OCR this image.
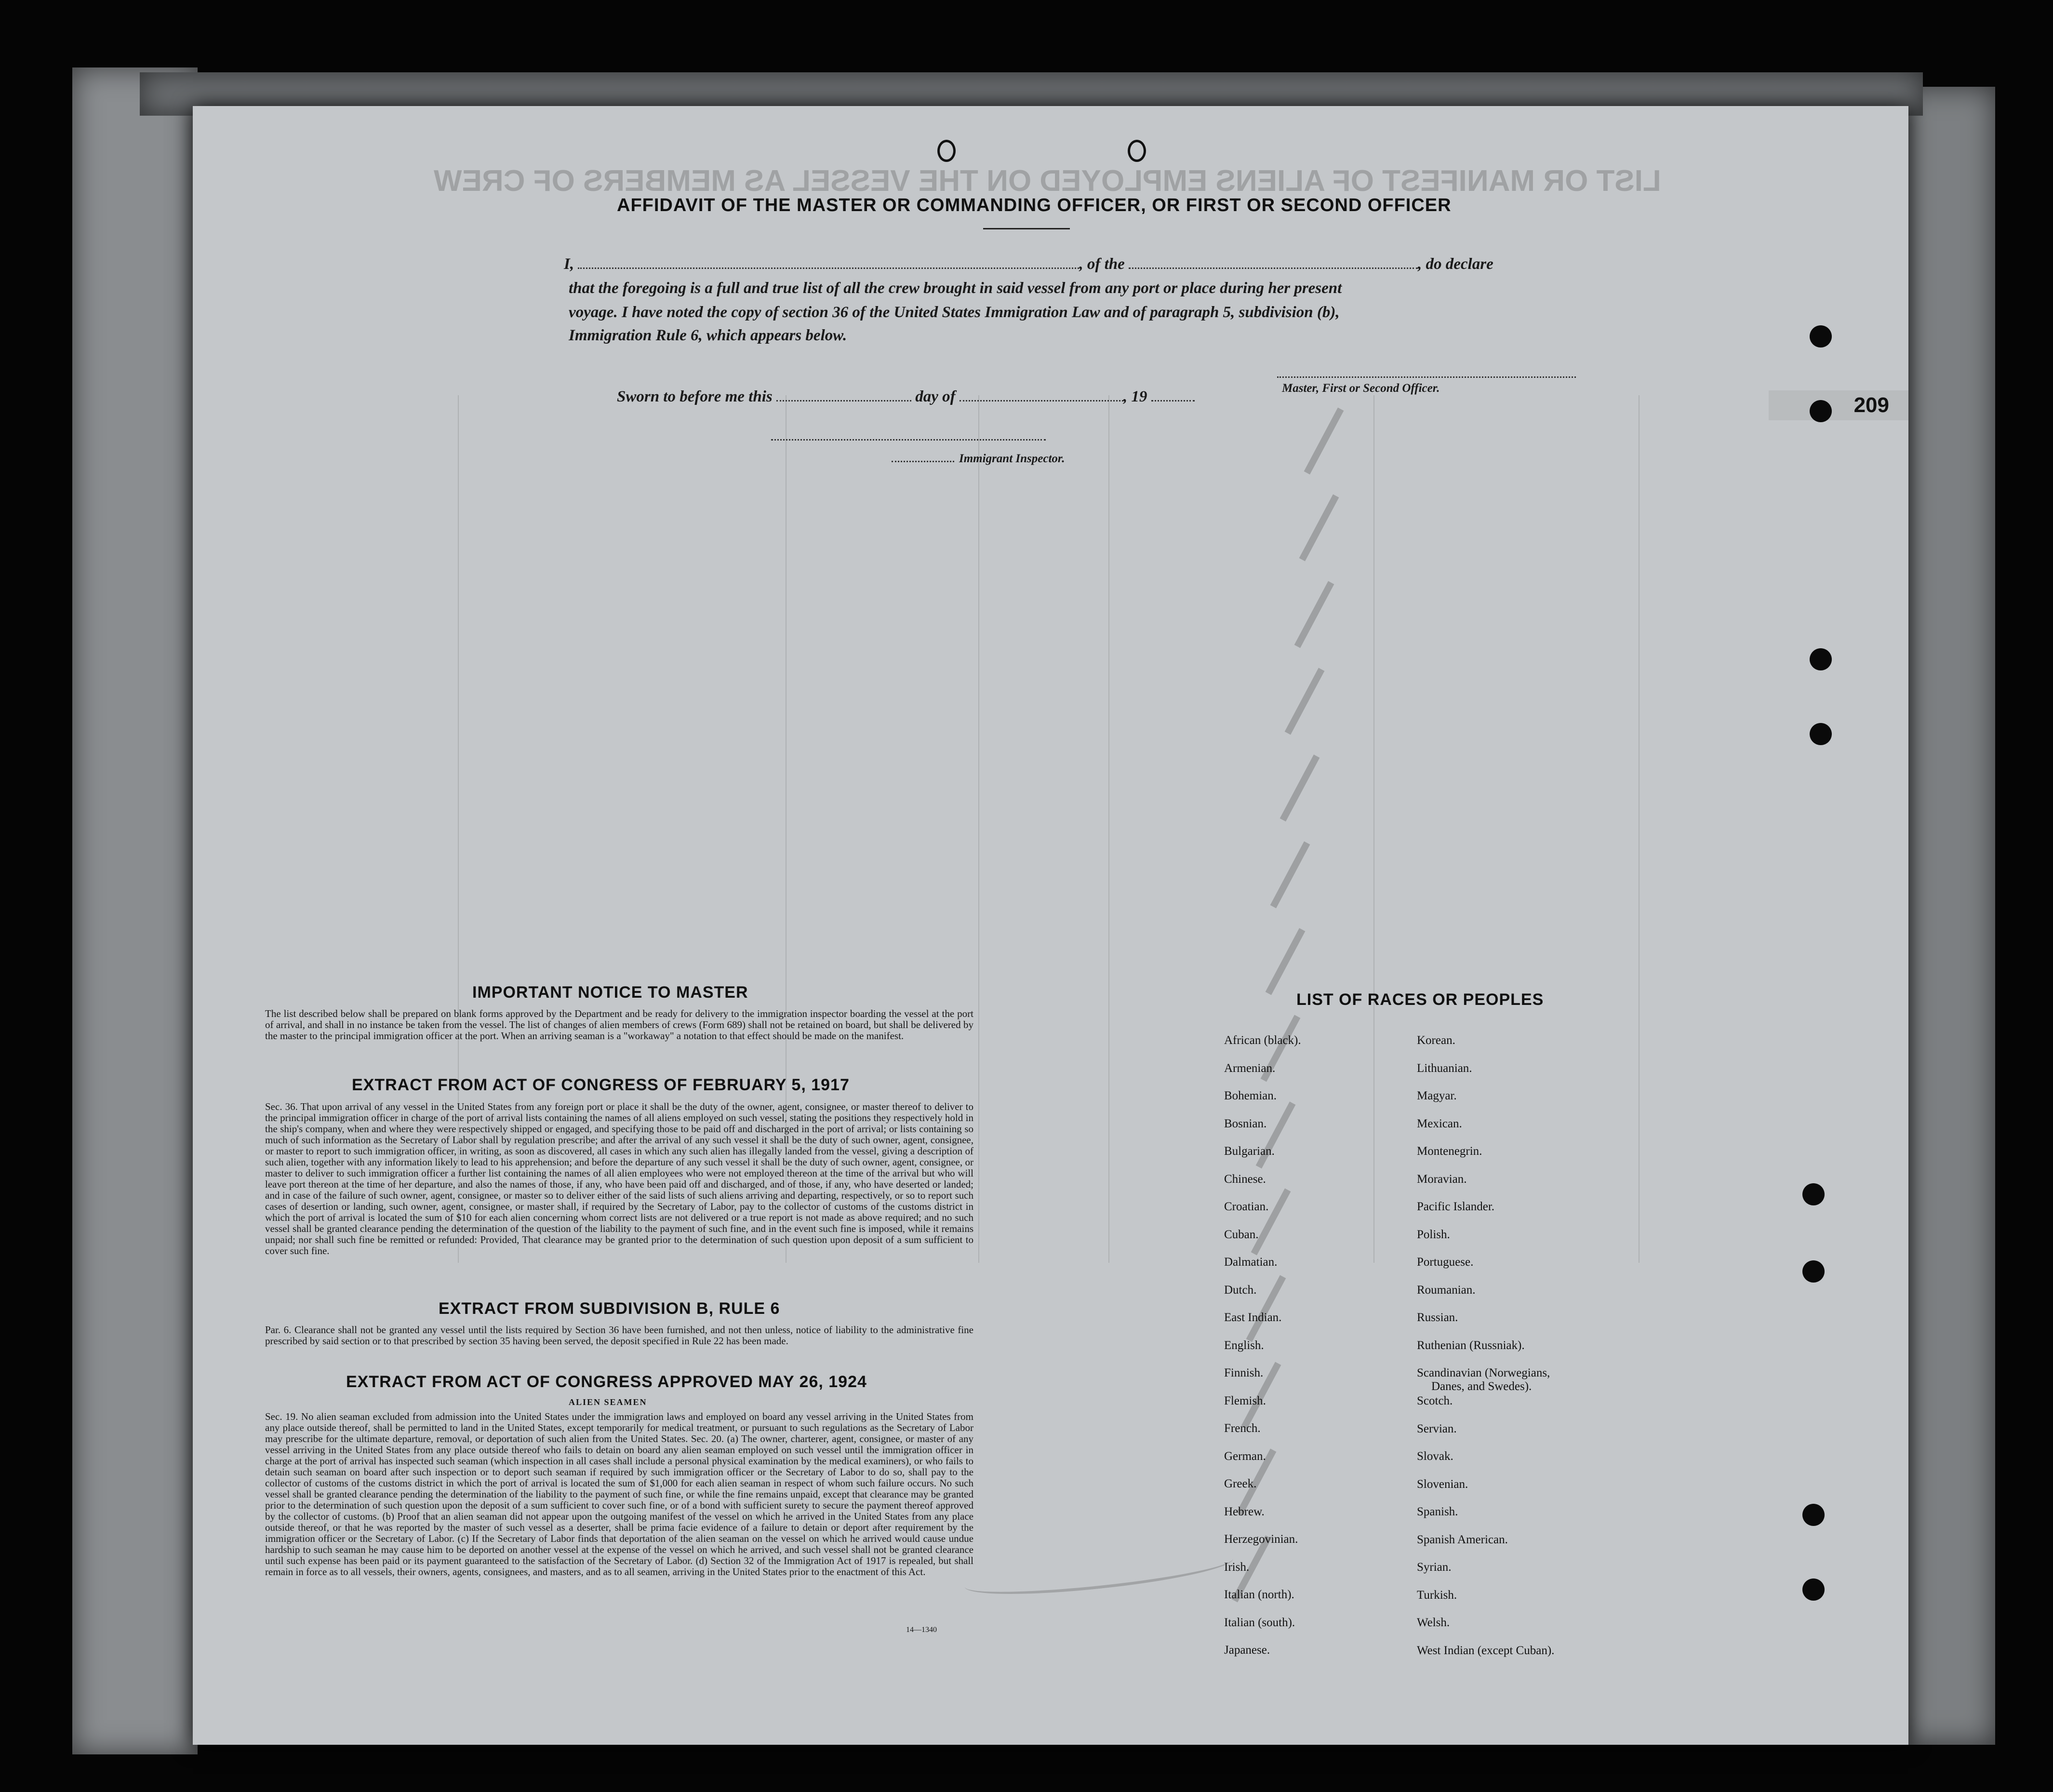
LIST OR MANIFEST OF ALIENS EMPLOYED ON THE VESSEL AS MEMBERS OF CREW
209
AFFIDAVIT OF THE MASTER OR COMMANDING OFFICER, OR FIRST OR SECOND OFFICER
I,	, of the	, do declare
that the foregoing is a full and true list of all the crew brought in said vessel from any port or place during her present
voyage. I have noted the copy of section 36 of the United States Immigration Law and of paragraph 5, subdivision (b),
Immigration Rule 6, which appears below.
Master, First or Second Officer.
Sworn to before me this	day of	, 19
Immigrant Inspector.
IMPORTANT NOTICE TO MASTER
The list described below shall be prepared on blank forms approved by the Department and be ready for delivery to the immigration inspector boarding the vessel at the port of arrival, and shall in no instance be taken from the vessel. The list of changes of alien members of crews (Form 689) shall not be retained on board, but shall be delivered by the master to the principal immigration officer at the port. When an arriving seaman is a "workaway" a notation to that effect should be made on the manifest.
EXTRACT FROM ACT OF CONGRESS OF FEBRUARY 5, 1917
Sec. 36. That upon arrival of any vessel in the United States from any foreign port or place it shall be the duty of the owner, agent, consignee, or master thereof to deliver to the principal immigration officer in charge of the port of arrival lists containing the names of all aliens employed on such vessel, stating the positions they respectively hold in the ship's company, when and where they were respectively shipped or engaged, and specifying those to be paid off and discharged in the port of arrival; or lists containing so much of such information as the Secretary of Labor shall by regulation prescribe; and after the arrival of any such vessel it shall be the duty of such owner, agent, consignee, or master to report to such immigration officer, in writing, as soon as discovered, all cases in which any such alien has illegally landed from the vessel, giving a description of such alien, together with any information likely to lead to his apprehension; and before the departure of any such vessel it shall be the duty of such owner, agent, consignee, or master to deliver to such immigration officer a further list containing the names of all alien employees who were not employed thereon at the time of the arrival but who will leave port thereon at the time of her departure, and also the names of those, if any, who have been paid off and discharged, and of those, if any, who have deserted or landed; and in case of the failure of such owner, agent, consignee, or master so to deliver either of the said lists of such aliens arriving and departing, respectively, or so to report such cases of desertion or landing, such owner, agent, consignee, or master shall, if required by the Secretary of Labor, pay to the collector of customs of the customs district in which the port of arrival is located the sum of $10 for each alien concerning whom correct lists are not delivered or a true report is not made as above required; and no such vessel shall be granted clearance pending the determination of the question of the liability to the payment of such fine, and in the event such fine is imposed, while it remains unpaid; nor shall such fine be remitted or refunded: Provided, That clearance may be granted prior to the determination of such question upon deposit of a sum sufficient to cover such fine.
EXTRACT FROM SUBDIVISION B, RULE 6
Par. 6. Clearance shall not be granted any vessel until the lists required by Section 36 have been furnished, and not then unless, notice of liability to the administrative fine prescribed by said section or to that prescribed by section 35 having been served, the deposit specified in Rule 22 has been made.
EXTRACT FROM ACT OF CONGRESS APPROVED MAY 26, 1924
ALIEN SEAMEN
Sec. 19. No alien seaman excluded from admission into the United States under the immigration laws and employed on board any vessel arriving in the United States from any place outside thereof, shall be permitted to land in the United States, except temporarily for medical treatment, or pursuant to such regulations as the Secretary of Labor may prescribe for the ultimate departure, removal, or deportation of such alien from the United States. Sec. 20. (a) The owner, charterer, agent, consignee, or master of any vessel arriving in the United States from any place outside thereof who fails to detain on board any alien seaman employed on such vessel until the immigration officer in charge at the port of arrival has inspected such seaman (which inspection in all cases shall include a personal physical examination by the medical examiners), or who fails to detain such seaman on board after such inspection or to deport such seaman if required by such immigration officer or the Secretary of Labor to do so, shall pay to the collector of customs of the customs district in which the port of arrival is located the sum of $1,000 for each alien seaman in respect of whom such failure occurs. No such vessel shall be granted clearance pending the determination of the liability to the payment of such fine, or while the fine remains unpaid, except that clearance may be granted prior to the determination of such question upon the deposit of a sum sufficient to cover such fine, or of a bond with sufficient surety to secure the payment thereof approved by the collector of customs. (b) Proof that an alien seaman did not appear upon the outgoing manifest of the vessel on which he arrived in the United States from any place outside thereof, or that he was reported by the master of such vessel as a deserter, shall be prima facie evidence of a failure to detain or deport after requirement by the immigration officer or the Secretary of Labor. (c) If the Secretary of Labor finds that deportation of the alien seaman on the vessel on which he arrived would cause undue hardship to such seaman he may cause him to be deported on another vessel at the expense of the vessel on which he arrived, and such vessel shall not be granted clearance until such expense has been paid or its payment guaranteed to the satisfaction of the Secretary of Labor. (d) Section 32 of the Immigration Act of 1917 is repealed, but shall remain in force as to all vessels, their owners, agents, consignees, and masters, and as to all seamen, arriving in the United States prior to the enactment of this Act.
14—1340
LIST OF RACES OR PEOPLES
African (black).
Armenian.
Bohemian.
Bosnian.
Bulgarian.
Chinese.
Croatian.
Cuban.
Dalmatian.
Dutch.
East Indian.
English.
Finnish.
Flemish.
French.
German.
Greek.
Hebrew.
Herzegovinian.
Irish.
Italian (north).
Italian (south).
Japanese.
Korean.
Lithuanian.
Magyar.
Mexican.
Montenegrin.
Moravian.
Pacific Islander.
Polish.
Portuguese.
Roumanian.
Russian.
Ruthenian (Russniak).
Scandinavian (Norwegians,
Danes, and Swedes).
Scotch.
Servian.
Slovak.
Slovenian.
Spanish.
Spanish American.
Syrian.
Turkish.
Welsh.
West Indian (except Cuban).
